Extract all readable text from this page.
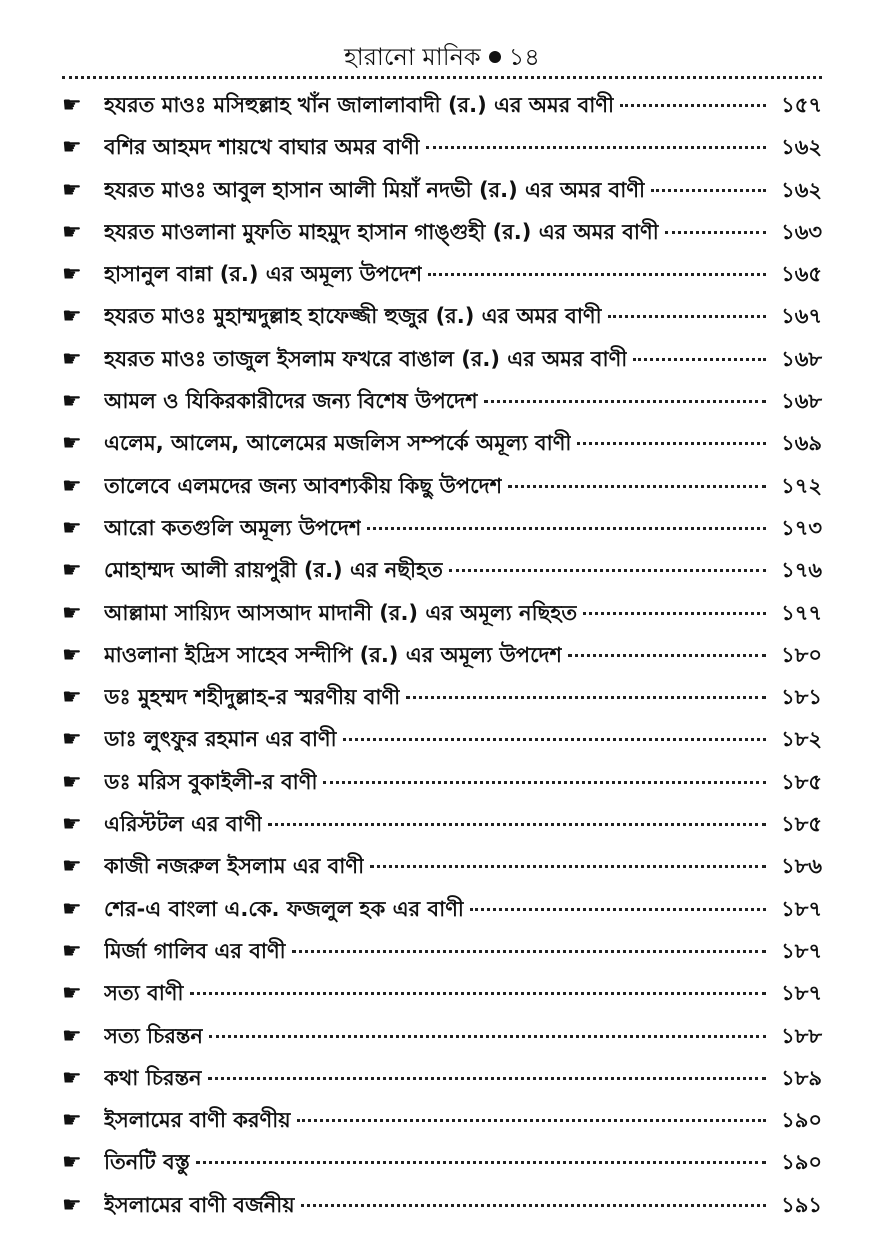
হারানো মানিক ১৪
☛	হযরত মাওঃ মসিহুল্লাহ খাঁন জালালাবাদী (র.) এর অমর বাণী	১৫৭
☛	বশির আহমদ শায়খে বাঘার অমর বাণী	১৬২
☛	হযরত মাওঃ আবুল হাসান আলী মিয়াঁ নদভী (র.) এর অমর বাণী	১৬২
☛	হযরত মাওলানা মুফতি মাহমুদ হাসান গাঙ্গুহী (র.) এর অমর বাণী	১৬৩
☛	হাসানুল বান্না (র.) এর অমূল্য উপদেশ	১৬৫
☛	হযরত মাওঃ মুহাম্মদুল্লাহ হাফেজ্জী হুজুর (র.) এর অমর বাণী	১৬৭
☛	হযরত মাওঃ তাজুল ইসলাম ফখরে বাঙাল (র.) এর অমর বাণী	১৬৮
☛	আমল ও যিকিরকারীদের জন্য বিশেষ উপদেশ	১৬৮
☛	এলেম, আলেম, আলেমের মজলিস সম্পর্কে অমূল্য বাণী	১৬৯
☛	তালেবে এলমদের জন্য আবশ্যকীয় কিছু উপদেশ	১৭২
☛	আরো কতগুলি অমূল্য উপদেশ	১৭৩
☛	মোহাম্মদ আলী রায়পুরী (র.) এর নছীহত	১৭৬
☛	আল্লামা সায়্যিদ আসআদ মাদানী (র.) এর অমূল্য নছিহত	১৭৭
☛	মাওলানা ইদ্রিস সাহেব সন্দীপি (র.) এর অমূল্য উপদেশ	১৮০
☛	ডঃ মুহম্মদ শহীদুল্লাহ-র স্মরণীয় বাণী	১৮১
☛	ডাঃ লুৎফুর রহমান এর বাণী	১৮২
☛	ডঃ মরিস বুকাইলী-র বাণী	১৮৫
☛	এরিস্টটল এর বাণী	১৮৫
☛	কাজী নজরুল ইসলাম এর বাণী	১৮৬
☛	শের-এ বাংলা এ.কে. ফজলুল হক এর বাণী	১৮৭
☛	মির্জা গালিব এর বাণী	১৮৭
☛	সত্য বাণী	১৮৭
☛	সত্য চিরন্তন	১৮৮
☛	কথা চিরন্তন	১৮৯
☛	ইসলামের বাণী করণীয়	১৯০
☛	তিনটি বস্তু	১৯০
☛	ইসলামের বাণী বর্জনীয়	১৯১
